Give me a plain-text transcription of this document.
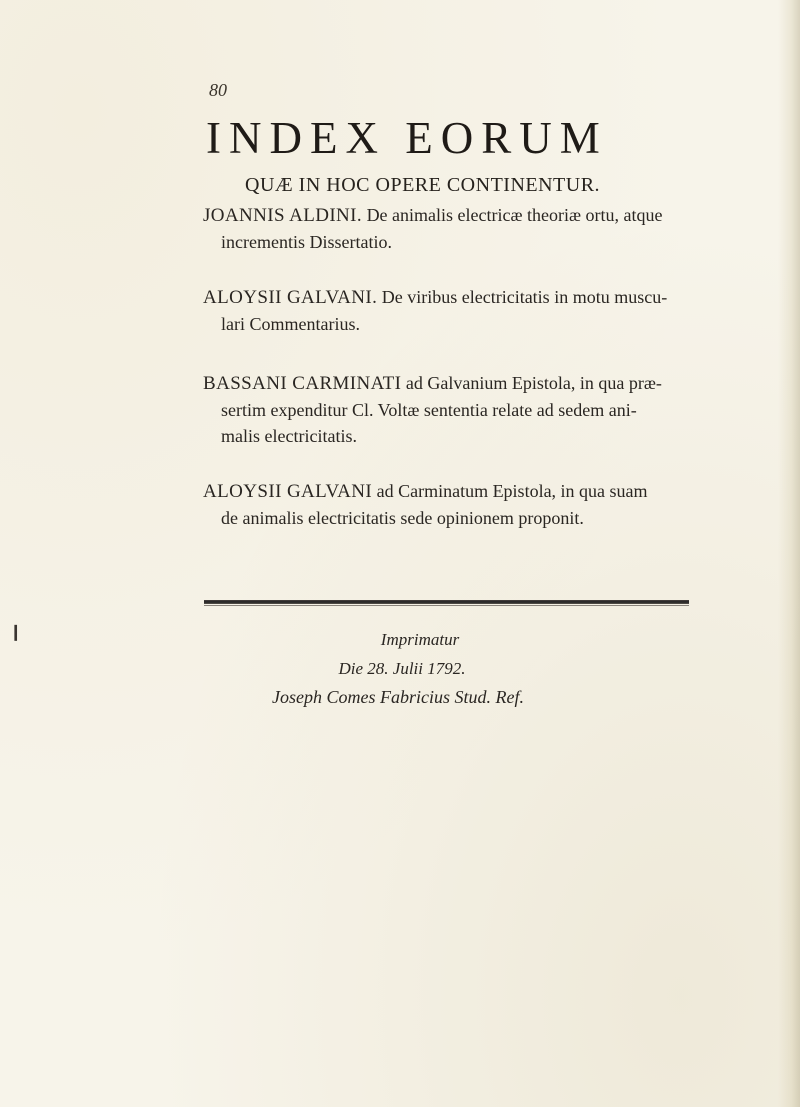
80
INDEX EORUM
QUÆ IN HOC OPERE CONTINENTUR.
JOANNIS ALDINI. De animalis electricæ theoriæ ortu, atque
incrementis Dissertatio.
ALOYSII GALVANI. De viribus electricitatis in motu muscu-
lari Commentarius.
BASSANI CARMINATI ad Galvanium Epistola, in qua præ-
sertim expenditur Cl. Voltæ sententia relate ad sedem ani-
malis electricitatis.
ALOYSII GALVANI ad Carminatum Epistola, in qua suam
de animalis electricitatis sede opinionem proponit.
❙	Imprimatur
Die 28. Julii 1792.
Joseph Comes Fabricius Stud. Ref.
